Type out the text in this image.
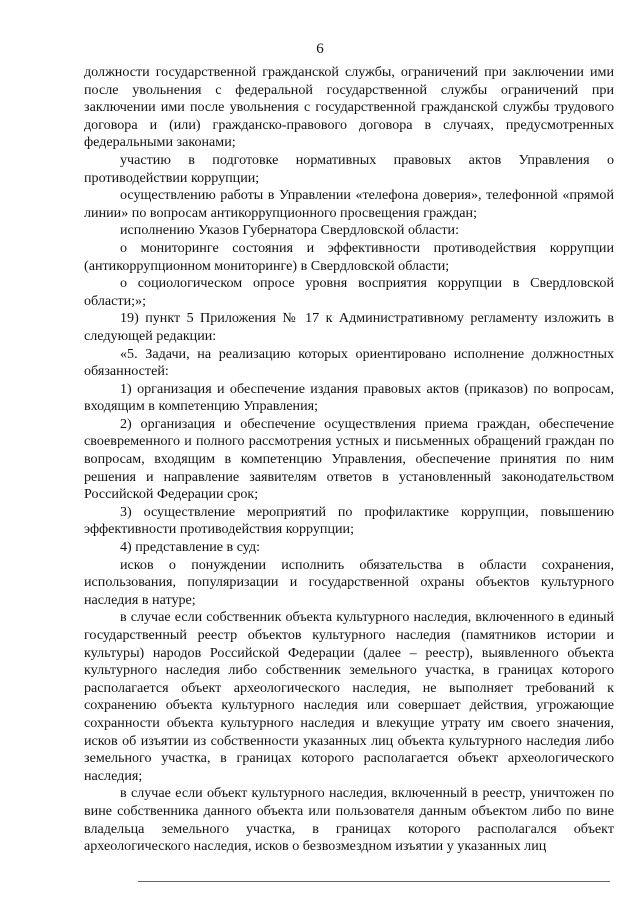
6

должности государственной гражданской службы, ограничений при заключении ими после увольнения с федеральной государственной службы ограничений при заключении ими после увольнения с государственной гражданской службы трудового договора и (или) гражданско-правового договора в случаях, предусмотренных федеральными законами;

участию в подготовке нормативных правовых актов Управления о противодействии коррупции;

осуществлению работы в Управлении «телефона доверия», телефонной «прямой линии» по вопросам антикоррупционного просвещения граждан;

исполнению Указов Губернатора Свердловской области:

о мониторинге состояния и эффективности противодействия коррупции (антикоррупционном мониторинге) в Свердловской области;

о социологическом опросе уровня восприятия коррупции в Свердловской области;»;

19) пункт 5 Приложения № 17 к Административному регламенту изложить в следующей редакции:

«5. Задачи, на реализацию которых ориентировано исполнение должностных обязанностей:

1) организация и обеспечение издания правовых актов (приказов) по вопросам, входящим в компетенцию Управления;

2) организация и обеспечение осуществления приема граждан, обеспечение своевременного и полного рассмотрения устных и письменных обращений граждан по вопросам, входящим в компетенцию Управления, обеспечение принятия по ним решения и направление заявителям ответов в установленный законодательством Российской Федерации срок;

3) осуществление мероприятий по профилактике коррупции, повышению эффективности противодействия коррупции;

4) представление в суд:

исков о понуждении исполнить обязательства в области сохранения, использования, популяризации и государственной охраны объектов культурного наследия в натуре;

в случае если собственник объекта культурного наследия, включенного в единый государственный реестр объектов культурного наследия (памятников истории и культуры) народов Российской Федерации (далее – реестр), выявленного объекта культурного наследия либо собственник земельного участка, в границах которого располагается объект археологического наследия, не выполняет требований к сохранению объекта культурного наследия или совершает действия, угрожающие сохранности объекта культурного наследия и влекущие утрату им своего значения, исков об изъятии из собственности указанных лиц объекта культурного наследия либо земельного участка, в границах которого располагается объект археологического наследия;

в случае если объект культурного наследия, включенный в реестр, уничтожен по вине собственника данного объекта или пользователя данным объектом либо по вине владельца земельного участка, в границах которого располагался объект археологического наследия, исков о безвозмездном изъятии у указанных лиц
